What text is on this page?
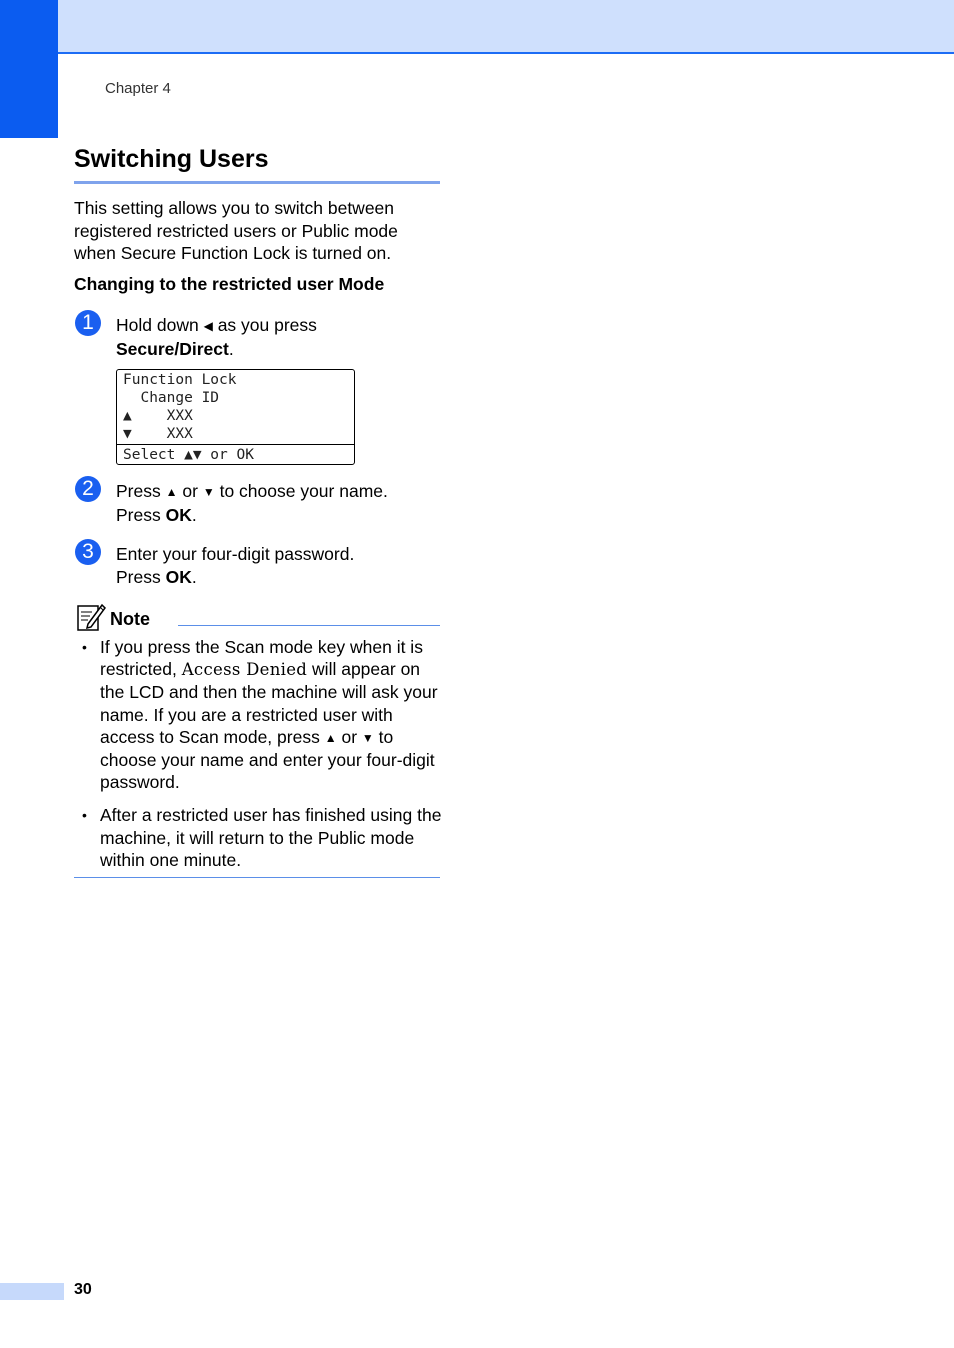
Chapter 4
Switching Users

This setting allows you to switch between registered restricted users or Public mode when Secure Function Lock is turned on.

Changing to the restricted user Mode

1	Hold down ◀ as you press
Secure/Direct.
Function Lock
Change ID
▲    XXX
▼    XXX
Select ▲▼ or OK
2	Press ▲ or ▼ to choose your name.
Press OK.
3	Enter your four-digit password.
Press OK.
Note
• If you press the Scan mode key when it is restricted, Access Denied will appear on the LCD and then the machine will ask your name. If you are a restricted user with access to Scan mode, press ▲ or ▼ to choose your name and enter your four-digit password.
• After a restricted user has finished using the machine, it will return to the Public mode within one minute.
30
